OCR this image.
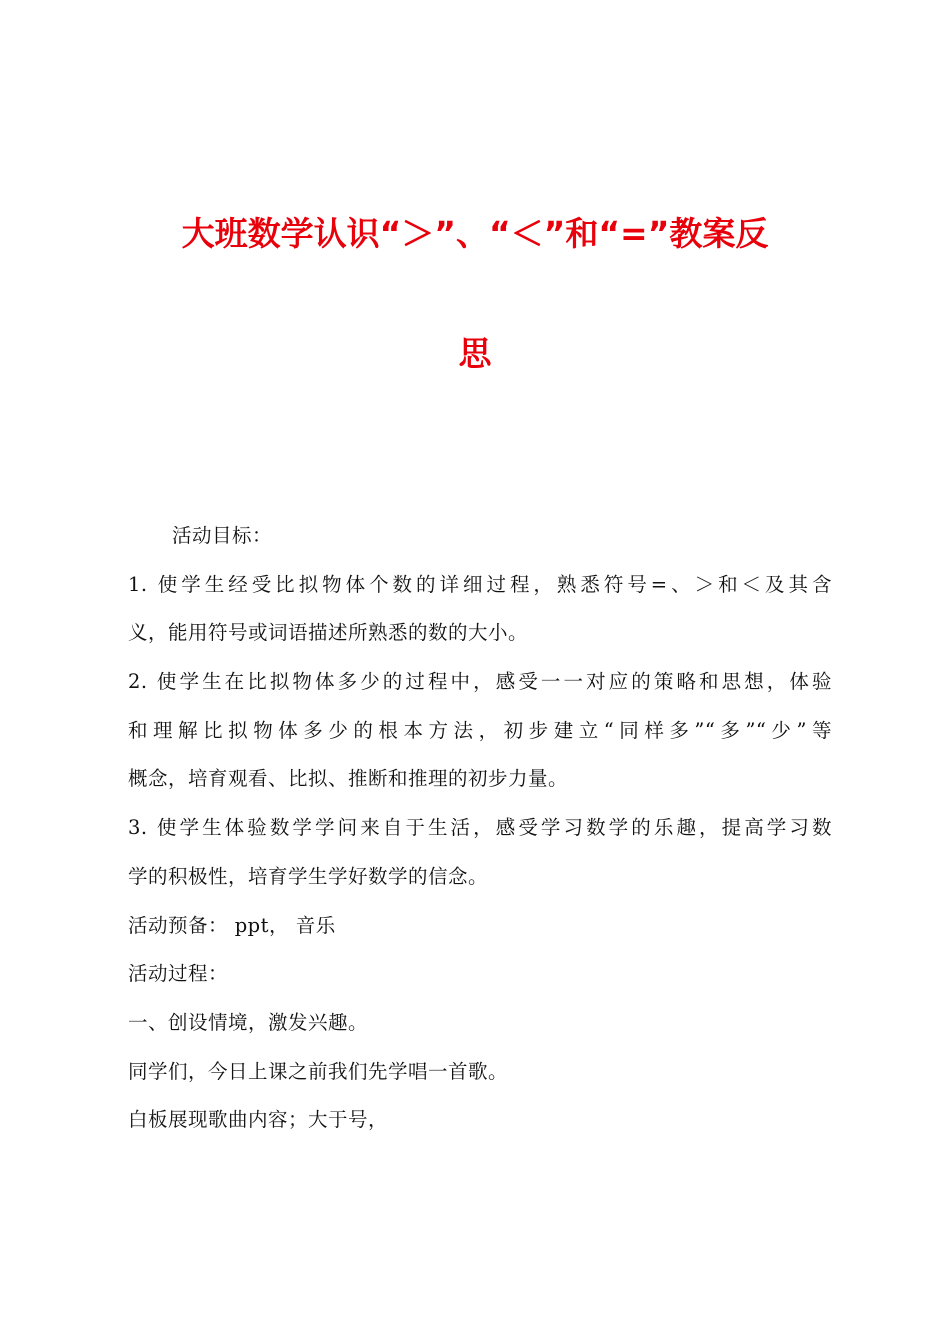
大班数学认识“＞”、“＜”和“=”教案反
思
活动目标：
1. 使学生经受比拟物体个数的详细过程，熟悉符号=、＞和＜及其含
义，能用符号或词语描述所熟悉的数的大小。
2. 使学生在比拟物体多少的过程中，感受一一对应的策略和思想，体验
和理解比拟物体多少的根本方法，初步建立“同样多”“多”“少”等
概念，培育观看、比拟、推断和推理的初步力量。
3. 使学生体验数学学问来自于生活，感受学习数学的乐趣，提高学习数
学的积极性，培育学生学好数学的信念。
活动预备： ppt， 音乐
活动过程：
一、创设情境，激发兴趣。
同学们，今日上课之前我们先学唱一首歌。
白板展现歌曲内容；大于号，
